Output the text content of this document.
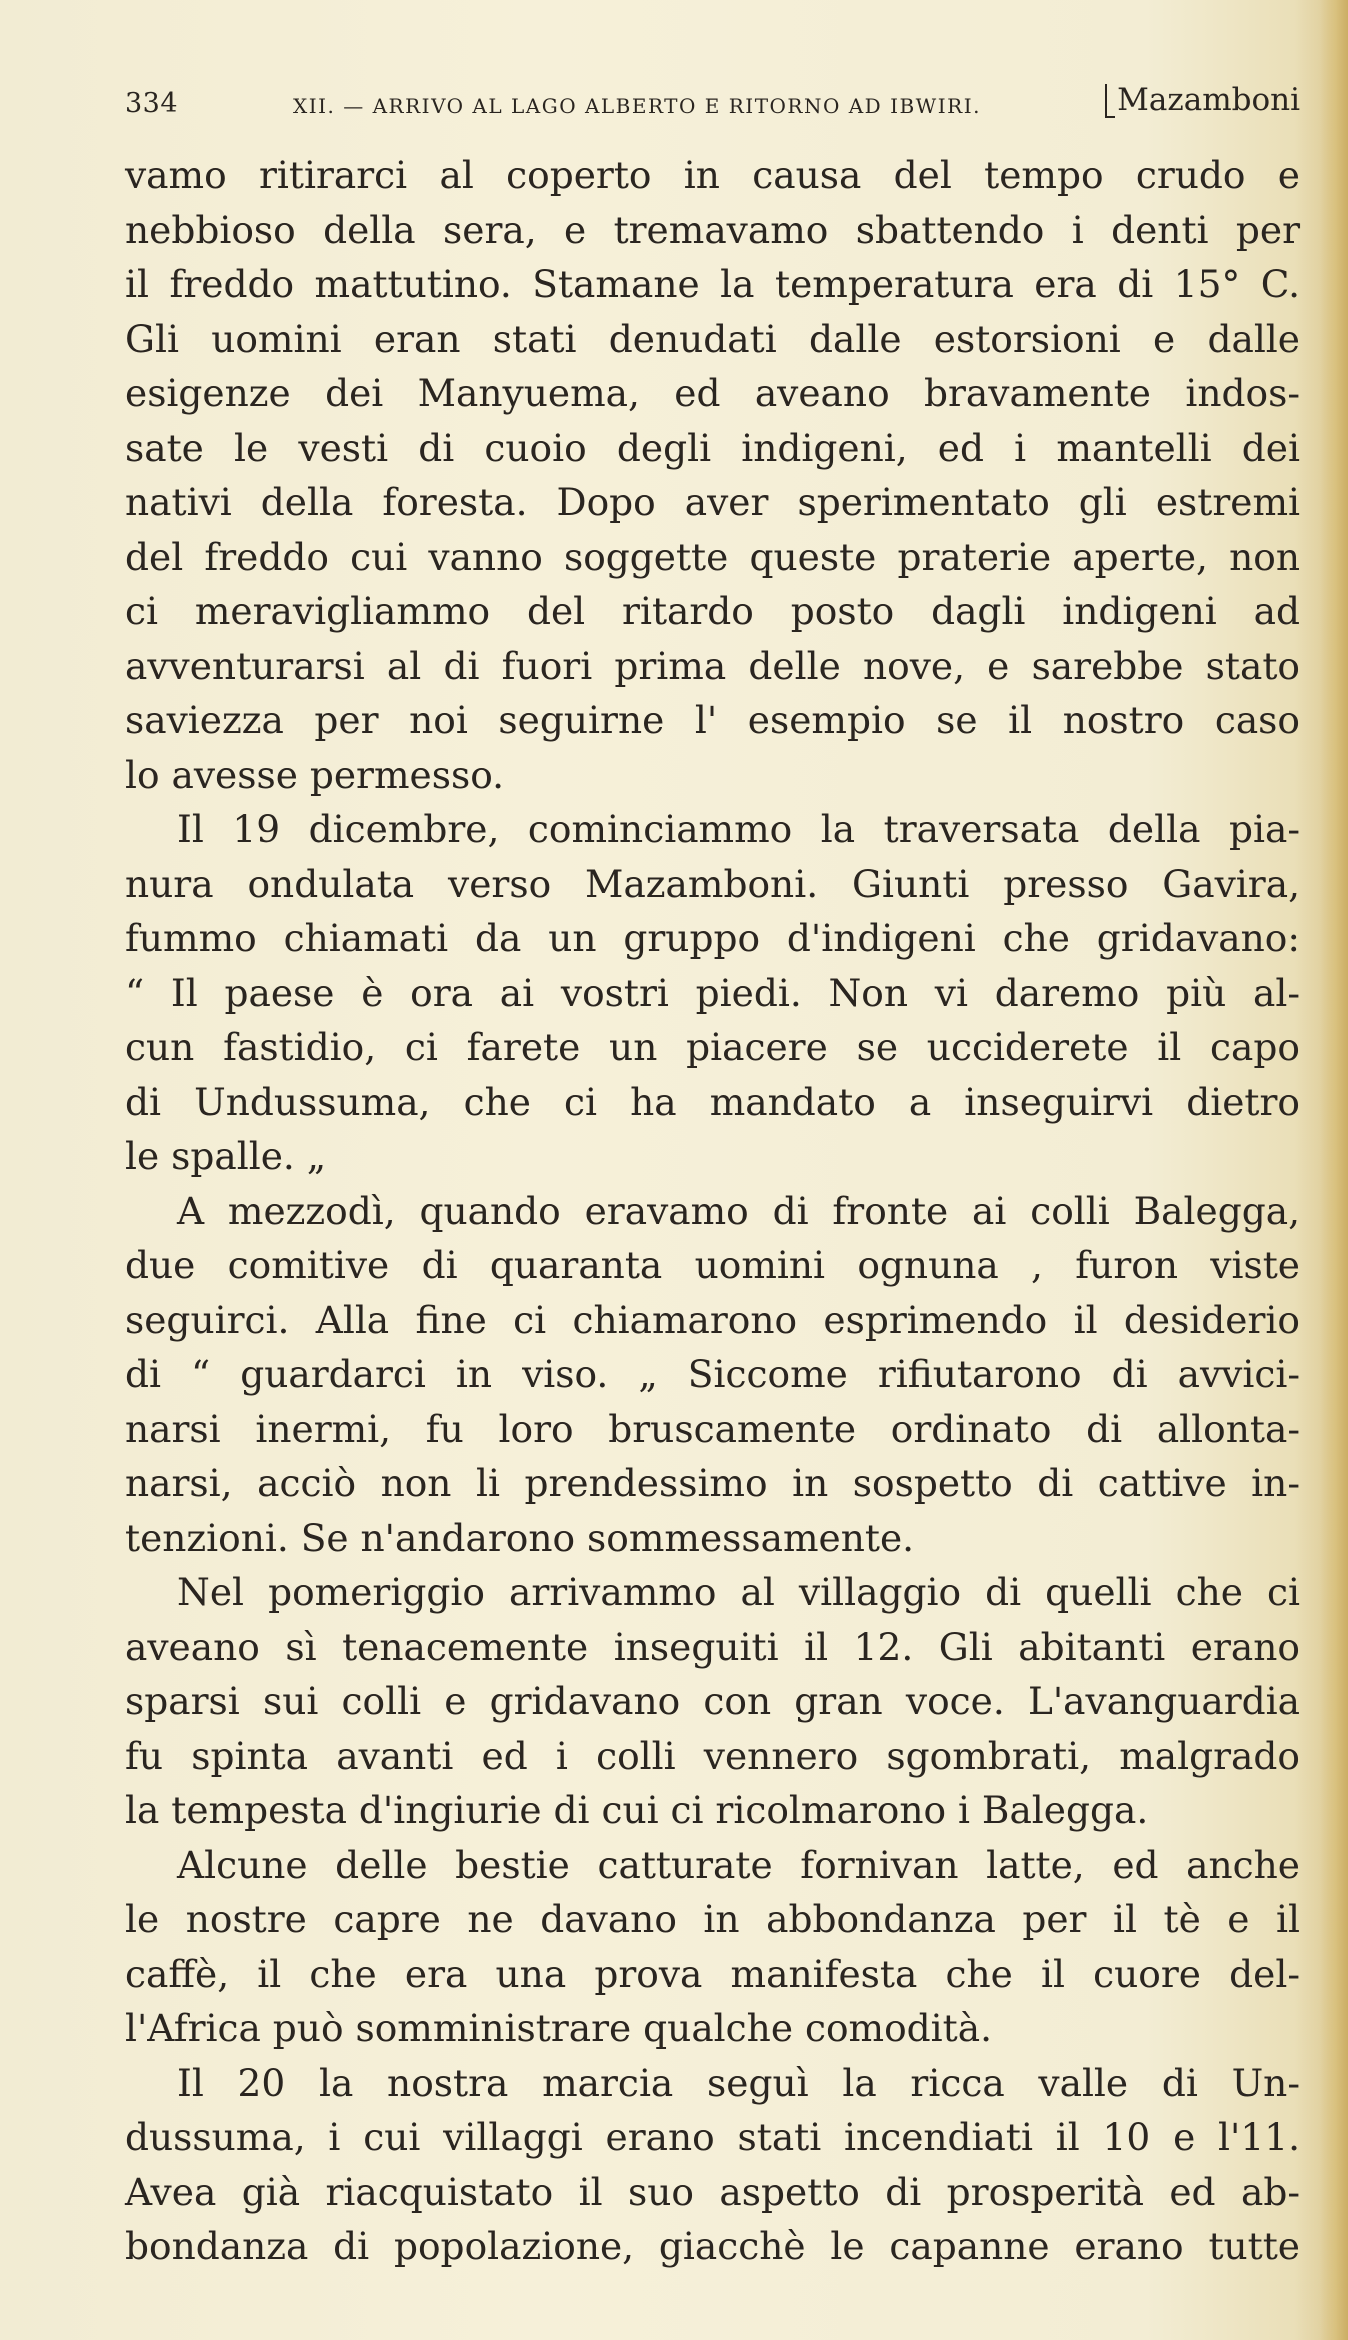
334	XII. — ARRIVO AL LAGO ALBERTO E RITORNO AD IBWIRI.	Mazamboni
vamo ritirarci al coperto in causa del tempo crudo e
nebbioso della sera, e tremavamo sbattendo i denti per
il freddo mattutino. Stamane la temperatura era di 15° C.
Gli uomini eran stati denudati dalle estorsioni e dalle
esigenze dei Manyuema, ed aveano bravamente indos-
sate le vesti di cuoio degli indigeni, ed i mantelli dei
nativi della foresta. Dopo aver sperimentato gli estremi
del freddo cui vanno soggette queste praterie aperte, non
ci meravigliammo del ritardo posto dagli indigeni ad
avventurarsi al di fuori prima delle nove, e sarebbe stato
saviezza per noi seguirne l' esempio se il nostro caso
lo avesse permesso.
Il 19 dicembre, cominciammo la traversata della pia-
nura ondulata verso Mazamboni. Giunti presso Gavira,
fummo chiamati da un gruppo d'indigeni che gridavano:
“ Il paese è ora ai vostri piedi. Non vi daremo più al-
cun fastidio, ci farete un piacere se ucciderete il capo
di Undussuma, che ci ha mandato a inseguirvi dietro
le spalle. „
A mezzodì, quando eravamo di fronte ai colli Balegga,
due comitive di quaranta uomini ognuna , furon viste
seguirci. Alla fine ci chiamarono esprimendo il desiderio
di “ guardarci in viso. „ Siccome rifiutarono di avvici-
narsi inermi, fu loro bruscamente ordinato di allonta-
narsi, acciò non li prendessimo in sospetto di cattive in-
tenzioni. Se n'andarono sommessamente.
Nel pomeriggio arrivammo al villaggio di quelli che ci
aveano sì tenacemente inseguiti il 12. Gli abitanti erano
sparsi sui colli e gridavano con gran voce. L'avanguardia
fu spinta avanti ed i colli vennero sgombrati, malgrado
la tempesta d'ingiurie di cui ci ricolmarono i Balegga.
Alcune delle bestie catturate fornivan latte, ed anche
le nostre capre ne davano in abbondanza per il tè e il
caffè, il che era una prova manifesta che il cuore del-
l'Africa può somministrare qualche comodità.
Il 20 la nostra marcia seguì la ricca valle di Un-
dussuma, i cui villaggi erano stati incendiati il 10 e l'11.
Avea già riacquistato il suo aspetto di prosperità ed ab-
bondanza di popolazione, giacchè le capanne erano tutte
